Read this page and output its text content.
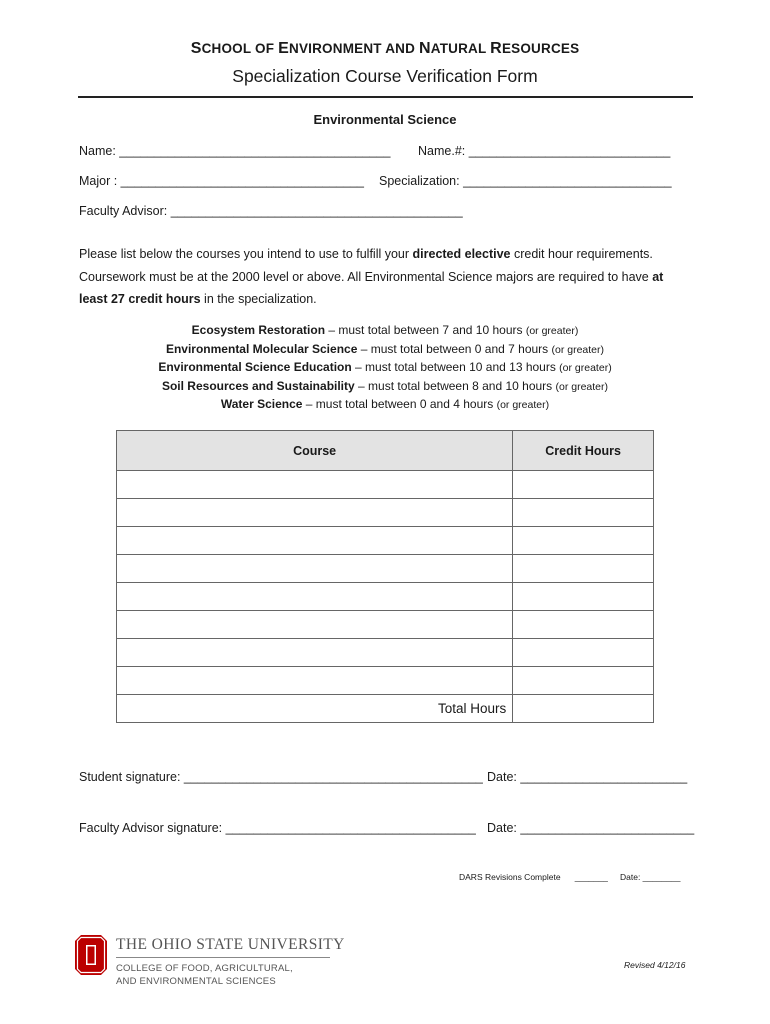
SCHOOL OF ENVIRONMENT AND NATURAL RESOURCES
Specialization Course Verification Form
Environmental Science
Name: _______________________________________ Name.#: _____________________________
Major : ___________________________________ Specialization: ______________________________
Faculty Advisor: __________________________________________
Please list below the courses you intend to use to fulfill your directed elective credit hour requirements. Coursework must be at the 2000 level or above. All Environmental Science majors are required to have at least 27 credit hours in the specialization.
Ecosystem Restoration – must total between 7 and 10 hours (or greater)
Environmental Molecular Science – must total between 0 and 7 hours (or greater)
Environmental Science Education – must total between 10 and 13 hours (or greater)
Soil Resources and Sustainability – must total between 8 and 10 hours (or greater)
Water Science – must total between 0 and 4 hours (or greater)
Course	Credit Hours

Total Hours	
Student signature: ___________________________________________ Date: ________________________
Faculty Advisor signature: ____________________________________ Date: _________________________
DARS Revisions Complete      _______ Date: ________
THE OHIO STATE UNIVERSITY
COLLEGE OF FOOD, AGRICULTURAL,
AND ENVIRONMENTAL SCIENCES
Revised 4/12/16
